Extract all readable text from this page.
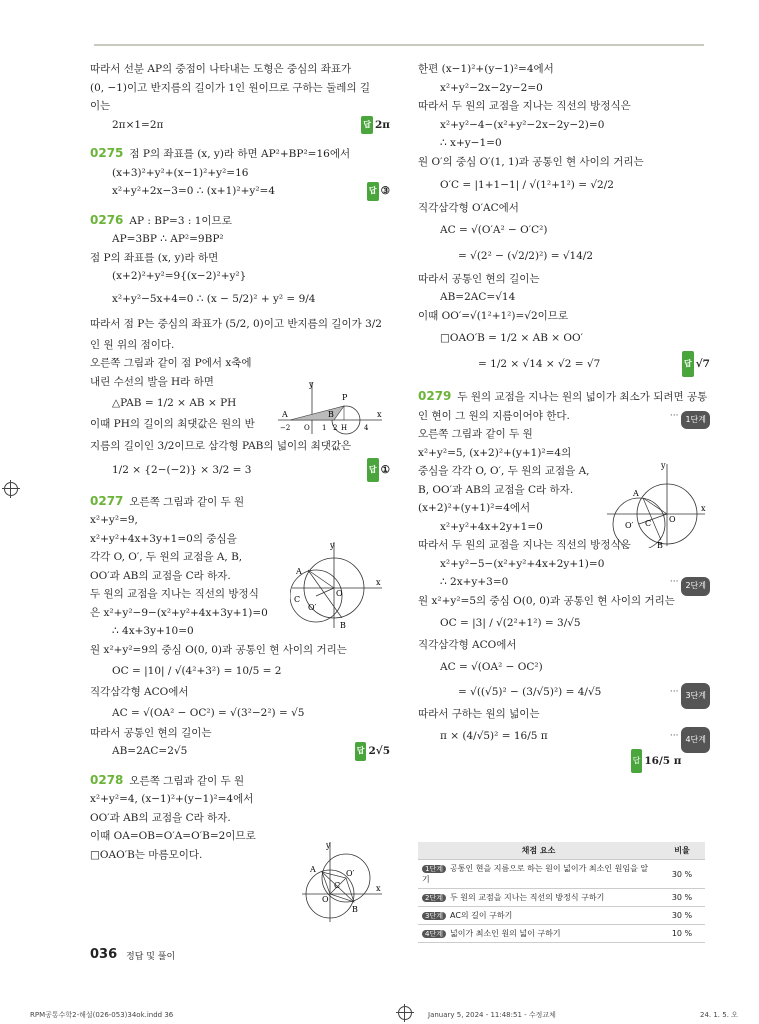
따라서 선분 AP의 중점이 나타내는 도형은 중심의 좌표가
(0, −1)이고 반지름의 길이가 1인 원이므로 구하는 둘레의 길
이는
2π×1=2π	답 2π
0275 점 P의 좌표를 (x, y)라 하면 AP²+BP²=16에서
(x+3)²+y²+(x−1)²+y²=16
x²+y²+2x−3=0 ∴ (x+1)²+y²=4	답 ③
0276 AP : BP=3 : 1이므로
AP=3BP ∴ AP²=9BP²
점 P의 좌표를 (x, y)라 하면
(x+2)²+y²=9{(x−2)²+y²}
x²+y²−5x+4=0 ∴ (x − 5/2)² + y² = 9/4
따라서 점 P는 중심의 좌표가 (5/2, 0)이고 반지름의 길이가 3/2
인 원 위의 점이다.
오른쪽 그림과 같이 점 P에서 x축에
내린 수선의 발을 H라 하면
△PAB = 1/2 × AB × PH
이때 PH의 길이의 최댓값은 원의 반
지름의 길이인 3/2이므로 삼각형 PAB의 넓이의 최댓값은
1/2 × {2−(−2)} × 3/2 = 3	답 ①
0277 오른쪽 그림과 같이 두 원
x²+y²=9,
x²+y²+4x+3y+1=0의 중심을
각각 O, O′, 두 원의 교점을 A, B,
OO′과 AB의 교점을 C라 하자.
두 원의 교점을 지나는 직선의 방정식
은 x²+y²−9−(x²+y²+4x+3y+1)=0
∴ 4x+3y+10=0
원 x²+y²=9의 중심 O(0, 0)과 공통인 현 사이의 거리는
OC = |10| / √(4²+3²) = 10/5 = 2
직각삼각형 ACO에서
AC = √(OA² − OC²) = √(3²−2²) = √5
따라서 공통인 현의 길이는
AB=2AC=2√5	답 2√5
0278 오른쪽 그림과 같이 두 원
x²+y²=4, (x−1)²+(y−1)²=4에서
OO′과 AB의 교점을 C라 하자.
이때 OA=OB=O′A=O′B=2이므로
□OAO′B는 마름모이다.
y
P
A	B
−2 O 1 2 H 4
x
y
A
C
O′
O
B
x
y
A	O′
C
O
B
x
한편 (x−1)²+(y−1)²=4에서
x²+y²−2x−2y−2=0
따라서 두 원의 교점을 지나는 직선의 방정식은
x²+y²−4−(x²+y²−2x−2y−2)=0
∴ x+y−1=0
원 O′의 중심 O′(1, 1)과 공통인 현 사이의 거리는
O′C = |1+1−1| / √(1²+1²) = √2/2
직각삼각형 O′AC에서
AC = √(O′A² − O′C²)
= √(2² − (√2/2)²) = √14/2
따라서 공통인 현의 길이는
AB=2AC=√14
이때 OO′=√(1²+1²)=√2이므로
□OAO′B = 1/2 × AB × OO′
= 1/2 × √14 × √2 = √7	답 √7
0279 두 원의 교점을 지나는 원의 넓이가 최소가 되려면 공통
인 현이 그 원의 지름이어야 한다.	1단계
···
오른쪽 그림과 같이 두 원
x²+y²=5, (x+2)²+(y+1)²=4의
중심을 각각 O, O′, 두 원의 교점을 A,
B, OO′과 AB의 교점을 C라 하자.
(x+2)²+(y+1)²=4에서
x²+y²+4x+2y+1=0
따라서 두 원의 교점을 지나는 직선의 방정식은
x²+y²−5−(x²+y²+4x+2y+1)=0
∴ 2x+y+3=0	2단계
···
원 x²+y²=5의 중심 O(0, 0)과 공통인 현 사이의 거리는
OC = |3| / √(2²+1²) = 3/√5
직각삼각형 ACO에서
AC = √(OA² − OC²)
= √((√5)² − (3/√5)²) = 4/√5	3단계
···
따라서 구하는 원의 넓이는
π × (4/√5)² = 16/5 π	4단계
···
답 16/5 π
y
A
O′ C O
B
x
채점 요소	비율
1단계 공통인 현을 지름으로 하는 원이 넓이가 최소인 원임을 알기	30 %
2단계 두 원의 교점을 지나는 직선의 방정식 구하기	30 %
3단계 AC의 길이 구하기	30 %
4단계 넓이가 최소인 원의 넓이 구하기	10 %
036 정답 및 풀이
RPM공통수학2-해설(026-053)34ok.indd 36	January 5, 2024 - 11:48:51 - 수정교체	24. 1. 5. 오
